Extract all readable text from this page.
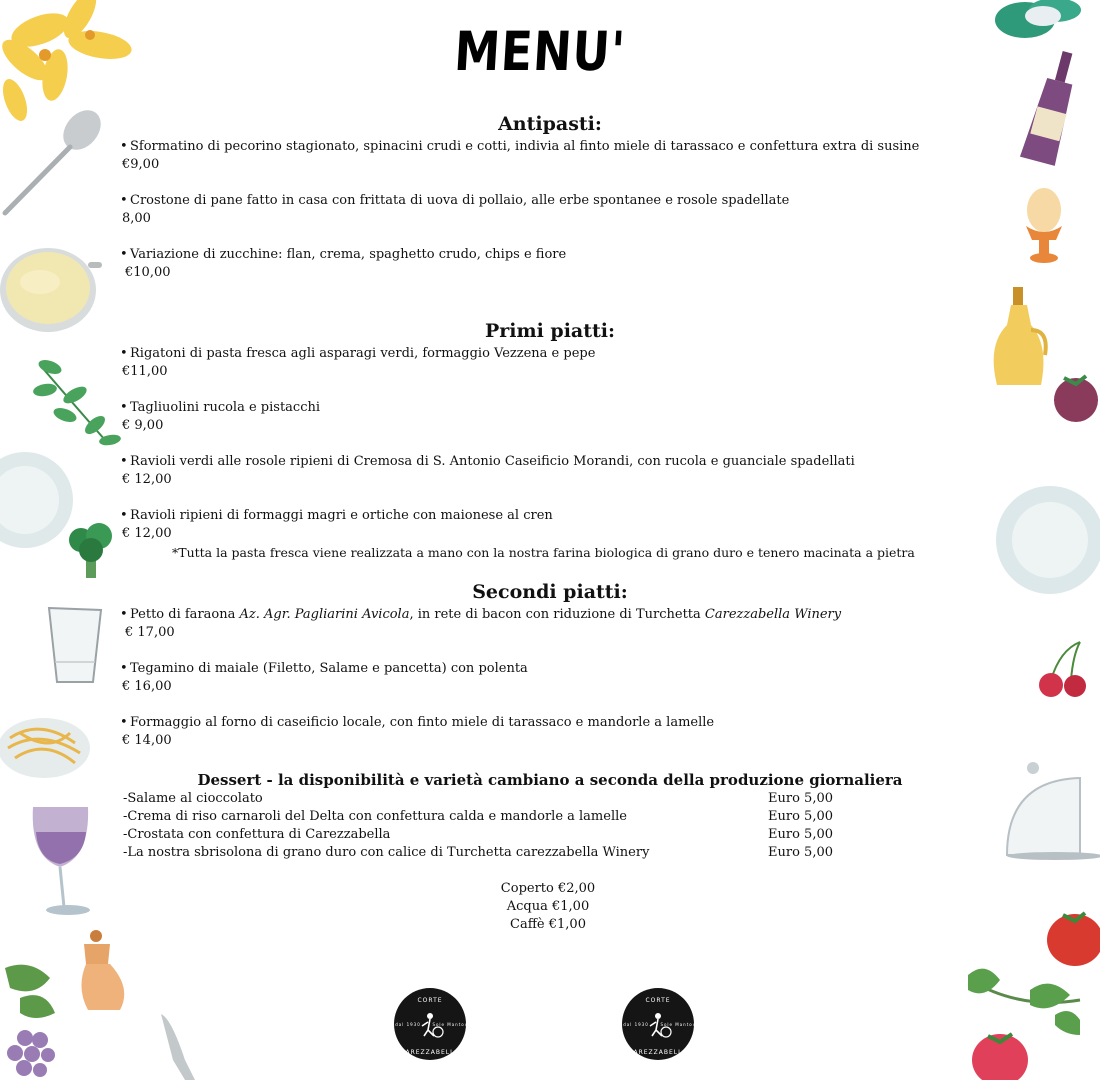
MENU'
Antipasti:
• Sformatino di pecorino stagionato, spinacini crudi e cotti, indivia al finto miele di tarassaco e confettura extra di susine
€9,00
• Crostone di pane fatto in casa con frittata di uova di pollaio, alle erbe spontanee e rosole spadellate
8,00
• Variazione di zucchine: flan, crema, spaghetto crudo, chips e fiore
€10,00
Primi piatti:
• Rigatoni di pasta fresca agli asparagi verdi, formaggio Vezzena e pepe
€11,00
• Tagliuolini rucola e pistacchi
€ 9,00
• Ravioli verdi alle rosole ripieni di Cremosa di S. Antonio Caseificio Morandi, con rucola e guanciale spadellati
€ 12,00
• Ravioli ripieni di formaggi magri e ortiche con maionese al cren
€ 12,00
*Tutta la pasta fresca viene realizzata a mano con la nostra farina biologica di grano duro e tenero macinata a pietra
Secondi piatti:
• Petto di faraona Az. Agr. Pagliarini Avicola, in rete di bacon con riduzione di Turchetta Carezzabella Winery
€ 17,00
• Tegamino di maiale (Filetto, Salame e pancetta) con polenta
€ 16,00
• Formaggio al forno di caseificio locale, con finto miele di tarassaco e mandorle a lamelle
€ 14,00
Dessert - la disponibilità e varietà cambiano a seconda della produzione giornaliera
-Salame al cioccolato	Euro 5,00
-Crema di riso carnaroli del Delta con confettura calda e mandorle a lamelle	Euro 5,00
-Crostata con confettura di Carezzabella	Euro 5,00
-La nostra sbrisolona di grano duro con calice di Turchetta carezzabella Winery	Euro 5,00
Coperto €2,00
Acqua €1,00
Caffè €1,00
CORTE
CAREZZABELLA
dal 1930	Sole Mantova
CORTE
CAREZZABELLA
dal 1930	Sole Mantova
